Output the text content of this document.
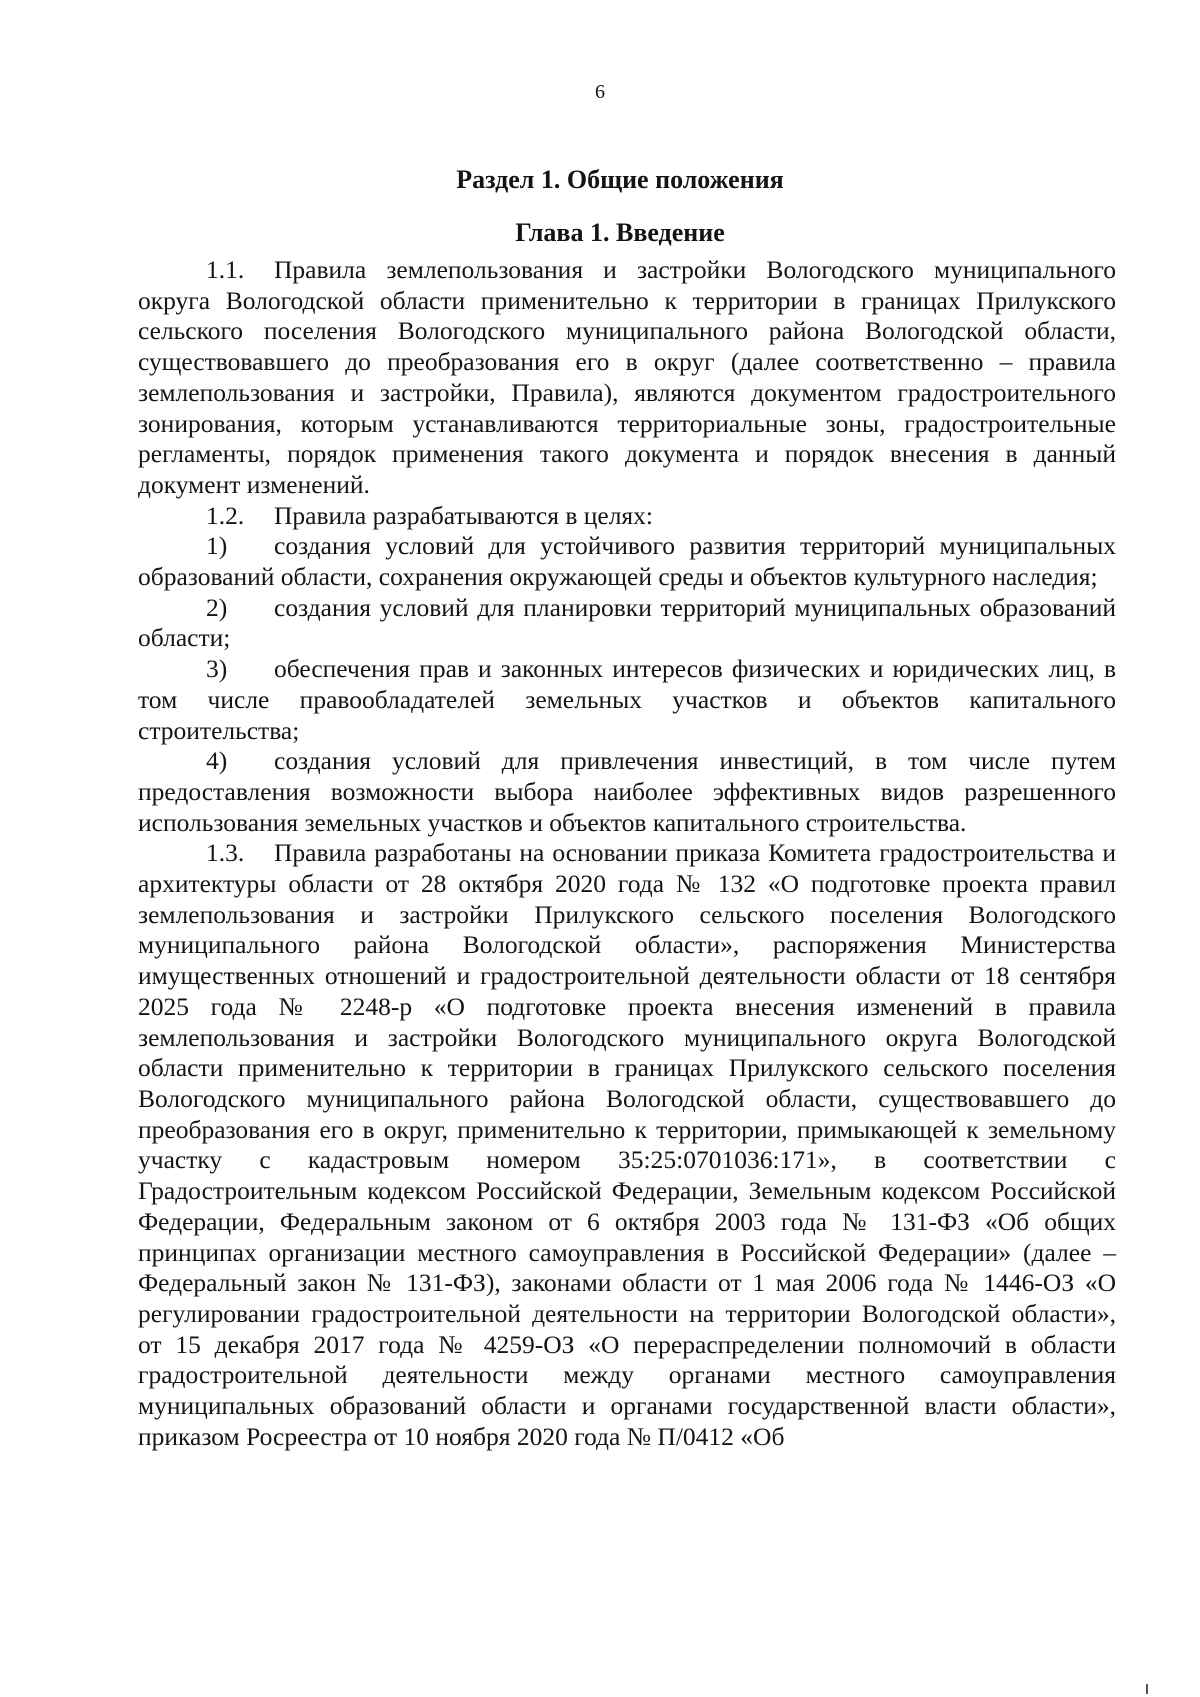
6
Раздел 1. Общие положения
Глава 1. Введение

1.1. Правила землепользования и застройки Вологодского муниципального округа Вологодской области применительно к территории в границах Прилукского сельского поселения Вологодского муниципального района Вологодской области, существовавшего до преобразования его в округ (далее соответственно – правила землепользования и застройки, Правила), являются документом градостроительного зонирования, которым устанавливаются территориальные зоны, градостроительные регламенты, порядок применения такого документа и порядок внесения в данный документ изменений.

1.2. Правила разрабатываются в целях:

1) создания условий для устойчивого развития территорий муниципальных образований области, сохранения окружающей среды и объектов культурного наследия;

2) создания условий для планировки территорий муниципальных образований области;

3) обеспечения прав и законных интересов физических и юридических лиц, в том числе правообладателей земельных участков и объектов капитального строительства;

4) создания условий для привлечения инвестиций, в том числе путем предоставления возможности выбора наиболее эффективных видов разрешенного использования земельных участков и объектов капитального строительства.

1.3. Правила разработаны на основании приказа Комитета градостроительства и архитектуры области от 28 октября 2020 года № 132 «О подготовке проекта правил землепользования и застройки Прилукского сельского поселения Вологодского муниципального района Вологодской области», распоряжения Министерства имущественных отношений и градостроительной деятельности области от 18 сентября 2025 года № 2248-р «О подготовке проекта внесения изменений в правила землепользования и застройки Вологодского муниципального округа Вологодской области применительно к территории в границах Прилукского сельского поселения Вологодского муниципального района Вологодской области, существовавшего до преобразования его в округ, применительно к территории, примыкающей к земельному участку с кадастровым номером 35:25:0701036:171», в соответствии с Градостроительным кодексом Российской Федерации, Земельным кодексом Российской Федерации, Федеральным законом от 6 октября 2003 года № 131-ФЗ «Об общих принципах организации местного самоуправления в Российской Федерации» (далее – Федеральный закон № 131-ФЗ), законами области от 1 мая 2006 года № 1446-ОЗ «О регулировании градостроительной деятельности на территории Вологодской области», от 15 декабря 2017 года № 4259-ОЗ «О перераспределении полномочий в области градостроительной деятельности между органами местного самоуправления муниципальных образований области и органами государственной власти области», приказом Росреестра от 10 ноября 2020 года № П/0412 «Об
